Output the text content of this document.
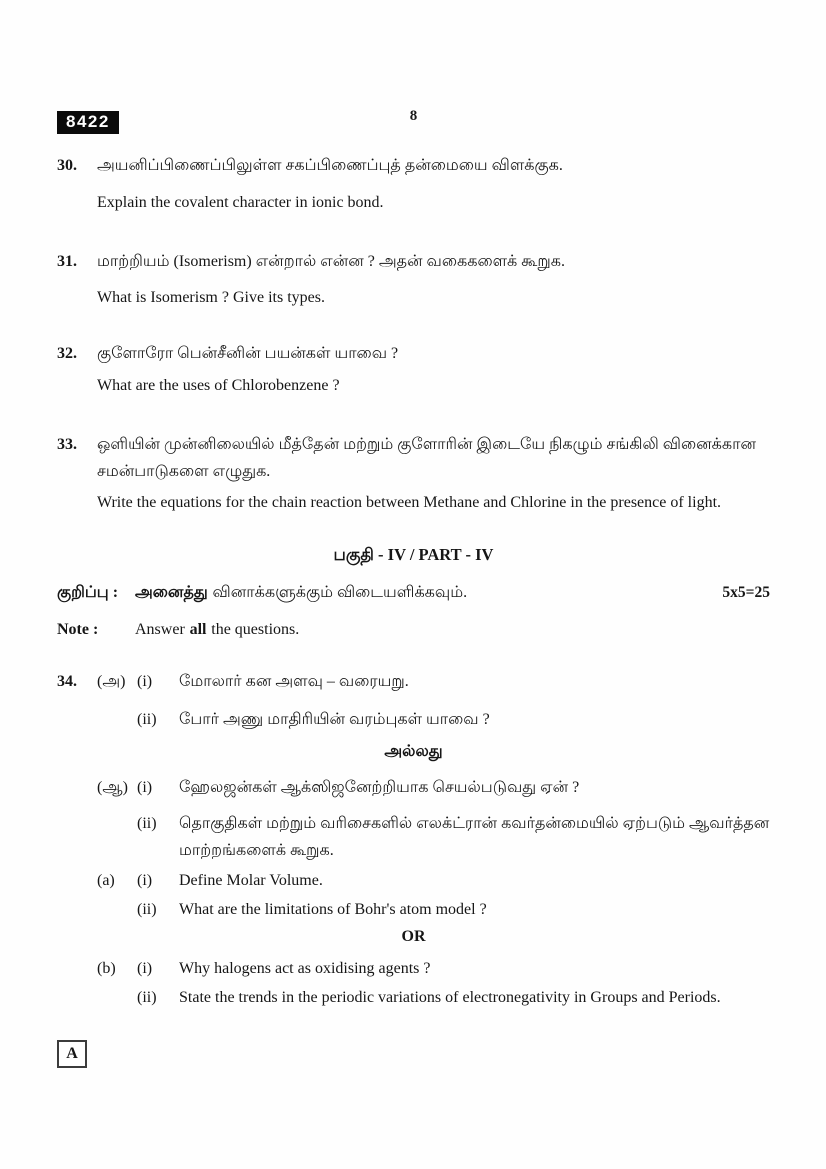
8422	8
30.	அயனிப்பிணைப்பிலுள்ள சகப்பிணைப்புத் தன்மையை விளக்குக.
Explain the covalent character in ionic bond.
31.	மாற்றியம் (Isomerism) என்றால் என்ன ? அதன் வகைகளைக் கூறுக.
What is Isomerism ? Give its types.
32.	குளோரோ பென்சீனின் பயன்கள் யாவை ?
What are the uses of Chlorobenzene ?
33.	ஒளியின் முன்னிலையில் மீத்தேன் மற்றும் குளோரின் இடையே நிகழும் சங்கிலி வினைக்கான சமன்பாடுகளை எழுதுக.
Write the equations for the chain reaction between Methane and Chlorine in the presence of light.
பகுதி - IV / PART - IV
குறிப்பு :	அனைத்து வினாக்களுக்கும் விடையளிக்கவும்.	5x5=25
Note :	Answer all the questions.
34.	(அ) (i)	மோலார் கன அளவு – வரையறு.
(ii)	போர் அணு மாதிரியின் வரம்புகள் யாவை ?
அல்லது
(ஆ) (i)	ஹேலஜன்கள் ஆக்ஸிஜனேற்றியாக செயல்படுவது ஏன் ?
(ii)	தொகுதிகள் மற்றும் வரிசைகளில் எலக்ட்ரான் கவர்தன்மையில் ஏற்படும் ஆவர்த்தன மாற்றங்களைக் கூறுக.
(a)	(i)	Define Molar Volume.
(ii)	What are the limitations of Bohr's atom model ?
OR
(b)	(i)	Why halogens act as oxidising agents ?
(ii)	State the trends in the periodic variations of electronegativity in Groups and Periods.
A
